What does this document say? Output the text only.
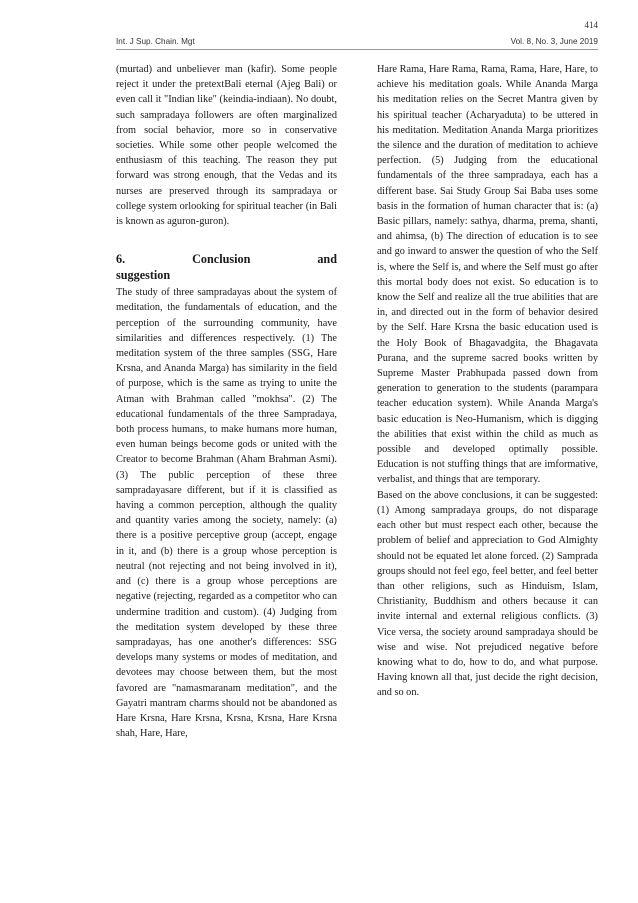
414
Int. J Sup. Chain. Mgt	Vol. 8, No. 3, June 2019

(murtad) and unbeliever man (kafir). Some people reject it under the pretextBali eternal (Ajeg Bali) or even call it "Indian like" (keindia-indiaan). No doubt, such sampradaya followers are often marginalized from social behavior, more so in conservative societies. While some other people welcomed the enthusiasm of this teaching. The reason they put forward was strong enough, that the Vedas and its nurses are preserved through its sampradaya or college system orlooking for spiritual teacher (in Bali is known as aguron-guron).

6. Conclusion and
suggestion

The study of three sampradayas about the system of meditation, the fundamentals of education, and the perception of the surrounding community, have similarities and differences respectively. (1) The meditation system of the three samples (SSG, Hare Krsna, and Ananda Marga) has similarity in the field of purpose, which is the same as trying to unite the Atman with Brahman called "mokhsa". (2) The educational fundamentals of the three Sampradaya, both process humans, to make humans more human, even human beings become gods or united with the Creator to become Brahman (Aham Brahman Asmi). (3) The public perception of these three sampradayasare different, but if it is classified as having a common perception, although the quality and quantity varies among the society, namely: (a) there is a positive perceptive group (accept, engage in it, and (b) there is a group whose perception is neutral (not rejecting and not being involved in it), and (c) there is a group whose perceptions are negative (rejecting, regarded as a competitor who can undermine tradition and custom). (4) Judging from the meditation system developed by these three sampradayas, has one another's differences: SSG develops many systems or modes of meditation, and devotees may choose between them, but the most favored are "namasmaranam meditation", and the Gayatri mantram charms should not be abandoned as Hare Krsna, Hare Krsna, Krsna, Krsna, Hare Krsna shah, Hare, Hare,

Hare Rama, Hare Rama, Rama, Rama, Hare, Hare, to achieve his meditation goals. While Ananda Marga his meditation relies on the Secret Mantra given by his spiritual teacher (Acharyaduta) to be uttered in his meditation. Meditation Ananda Marga prioritizes the silence and the duration of meditation to achieve perfection. (5) Judging from the educational fundamentals of the three sampradaya, each has a different base. Sai Study Group Sai Baba uses some basis in the formation of human character that is: (a) Basic pillars, namely: sathya, dharma, prema, shanti, and ahimsa, (b) The direction of education is to see and go inward to answer the question of who the Self is, where the Self is, and where the Self must go after this mortal body does not exist. So education is to know the Self and realize all the true abilities that are in, and directed out in the form of behavior desired by the Self. Hare Krsna the basic education used is the Holy Book of Bhagavadgita, the Bhagavata Purana, and the supreme sacred books written by Supreme Master Prabhupada passed down from generation to generation to the students (parampara teacher education system). While Ananda Marga's basic education is Neo-Humanism, which is digging the abilities that exist within the child as much as possible and developed optimally possible. Education is not stuffing things that are imformative, verbalist, and things that are temporary.

Based on the above conclusions, it can be suggested: (1) Among sampradaya groups, do not disparage each other but must respect each other, because the problem of belief and appreciation to God Almighty should not be equated let alone forced. (2) Samprada groups should not feel ego, feel better, and feel better than other religions, such as Hinduism, Islam, Christianity, Buddhism and others because it can invite internal and external religious conflicts. (3) Vice versa, the society around sampradaya should be wise and wise. Not prejudiced negative before knowing what to do, how to do, and what purpose. Having known all that, just decide the right decision, and so on.
